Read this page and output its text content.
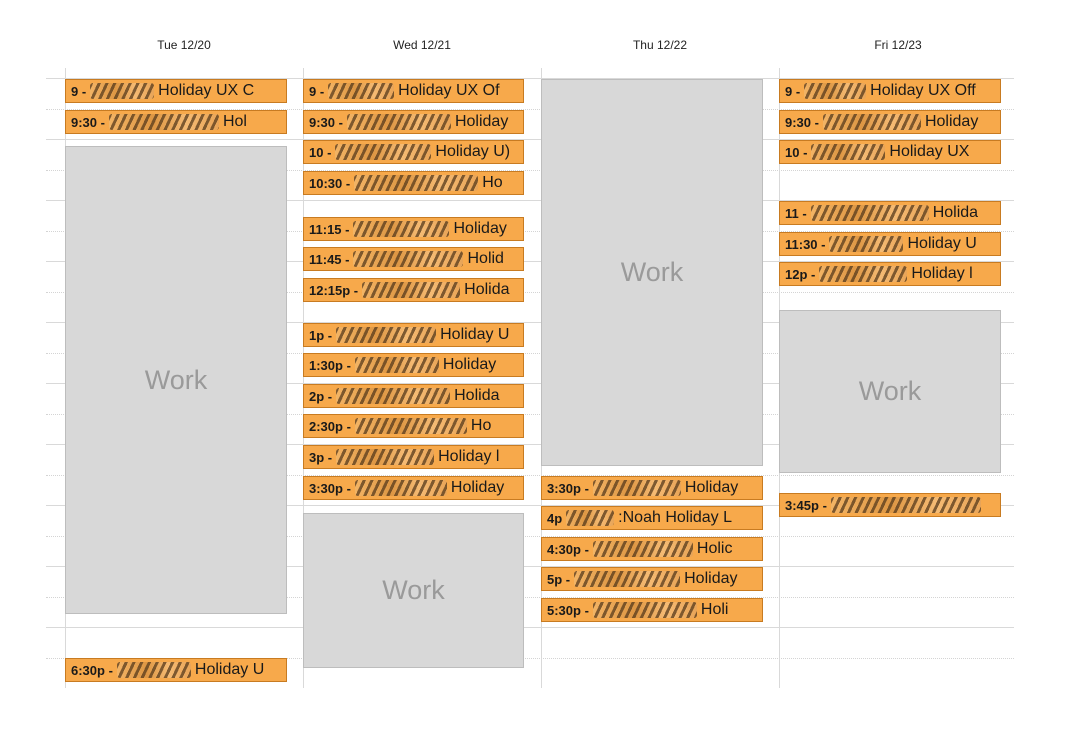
Tue 12/20	Wed 12/21	Thu 12/22	Fri 12/23
9 -	Holiday UX C
9:30 -	Hol
Work
6:30p -	Holiday U
9 -	Holiday UX Of
9:30 -	Holiday
10 -	Holiday U)
10:30 -	Ho
11:15 -	Holiday
11:45 -	Holid
12:15p -	Holida
1p -	Holiday U
1:30p -	Holiday
2p -	Holida
2:30p -	Ho
3p -	Holiday l
3:30p -	Holiday
Work
Work
3:30p -	Holiday
4p	:Noah Holiday L
4:30p -	Holic
5p -	Holiday
5:30p -	Holi
9 -	Holiday UX Off
9:30 -	Holiday
10 -	Holiday UX
11 -	Holida
11:30 -	Holiday U
12p -	Holiday l
Work
3:45p -
